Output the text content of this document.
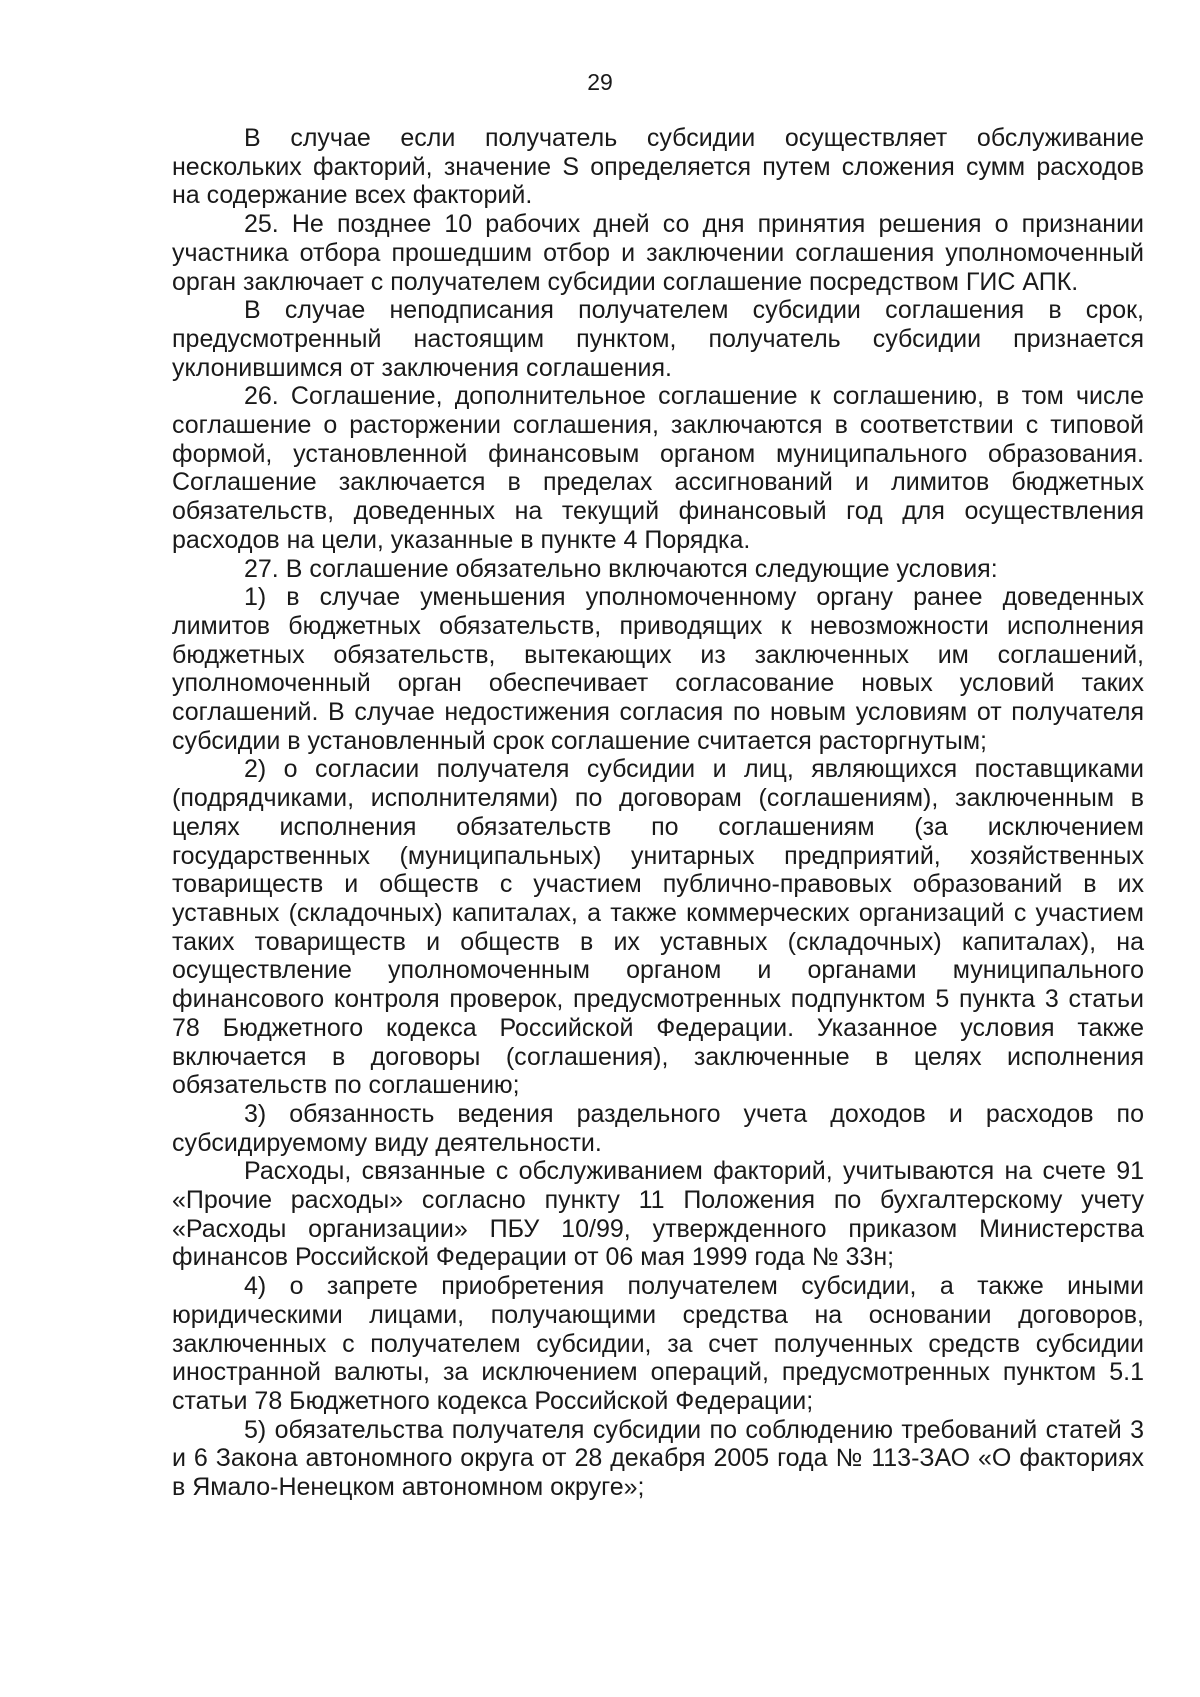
29

В случае если получатель субсидии осуществляет обслуживание нескольких факторий, значение S определяется путем сложения сумм расходов на содержание всех факторий.

25. Не позднее 10 рабочих дней со дня принятия решения о признании участника отбора прошедшим отбор и заключении соглашения уполномоченный орган заключает с получателем субсидии соглашение посредством ГИС АПК.

В случае неподписания получателем субсидии соглашения в срок, предусмотренный настоящим пунктом, получатель субсидии признается уклонившимся от заключения соглашения.

26. Соглашение, дополнительное соглашение к соглашению, в том числе соглашение о расторжении соглашения, заключаются в соответствии с типовой формой, установленной финансовым органом муниципального образования. Соглашение заключается в пределах ассигнований и лимитов бюджетных обязательств, доведенных на текущий финансовый год для осуществления расходов на цели, указанные в пункте 4 Порядка.

27. В соглашение обязательно включаются следующие условия:

1) в случае уменьшения уполномоченному органу ранее доведенных лимитов бюджетных обязательств, приводящих к невозможности исполнения бюджетных обязательств, вытекающих из заключенных им соглашений, уполномоченный орган обеспечивает согласование новых условий таких соглашений. В случае недостижения согласия по новым условиям от получателя субсидии в установленный срок соглашение считается расторгнутым;

2) о согласии получателя субсидии и лиц, являющихся поставщиками (подрядчиками, исполнителями) по договорам (соглашениям), заключенным в целях исполнения обязательств по соглашениям (за исключением государственных (муниципальных) унитарных предприятий, хозяйственных товариществ и обществ с участием публично-правовых образований в их уставных (складочных) капиталах, а также коммерческих организаций с участием таких товариществ и обществ в их уставных (складочных) капиталах), на осуществление уполномоченным органом и органами муниципального финансового контроля проверок, предусмотренных подпунктом 5 пункта 3 статьи 78 Бюджетного кодекса Российской Федерации. Указанное условия также включается в договоры (соглашения), заключенные в целях исполнения обязательств по соглашению;

3) обязанность ведения раздельного учета доходов и расходов по субсидируемому виду деятельности.

Расходы, связанные с обслуживанием факторий, учитываются на счете 91 «Прочие расходы» согласно пункту 11 Положения по бухгалтерскому учету «Расходы организации» ПБУ 10/99, утвержденного приказом Министерства финансов Российской Федерации от 06 мая 1999 года № 33н;

4) о запрете приобретения получателем субсидии, а также иными юридическими лицами, получающими средства на основании договоров, заключенных с получателем субсидии, за счет полученных средств субсидии иностранной валюты, за исключением операций, предусмотренных пунктом 5.1 статьи 78 Бюджетного кодекса Российской Федерации;

5) обязательства получателя субсидии по соблюдению требований статей 3 и 6 Закона автономного округа от 28 декабря 2005 года № 113-ЗАО «О факториях в Ямало-Ненецком автономном округе»;
